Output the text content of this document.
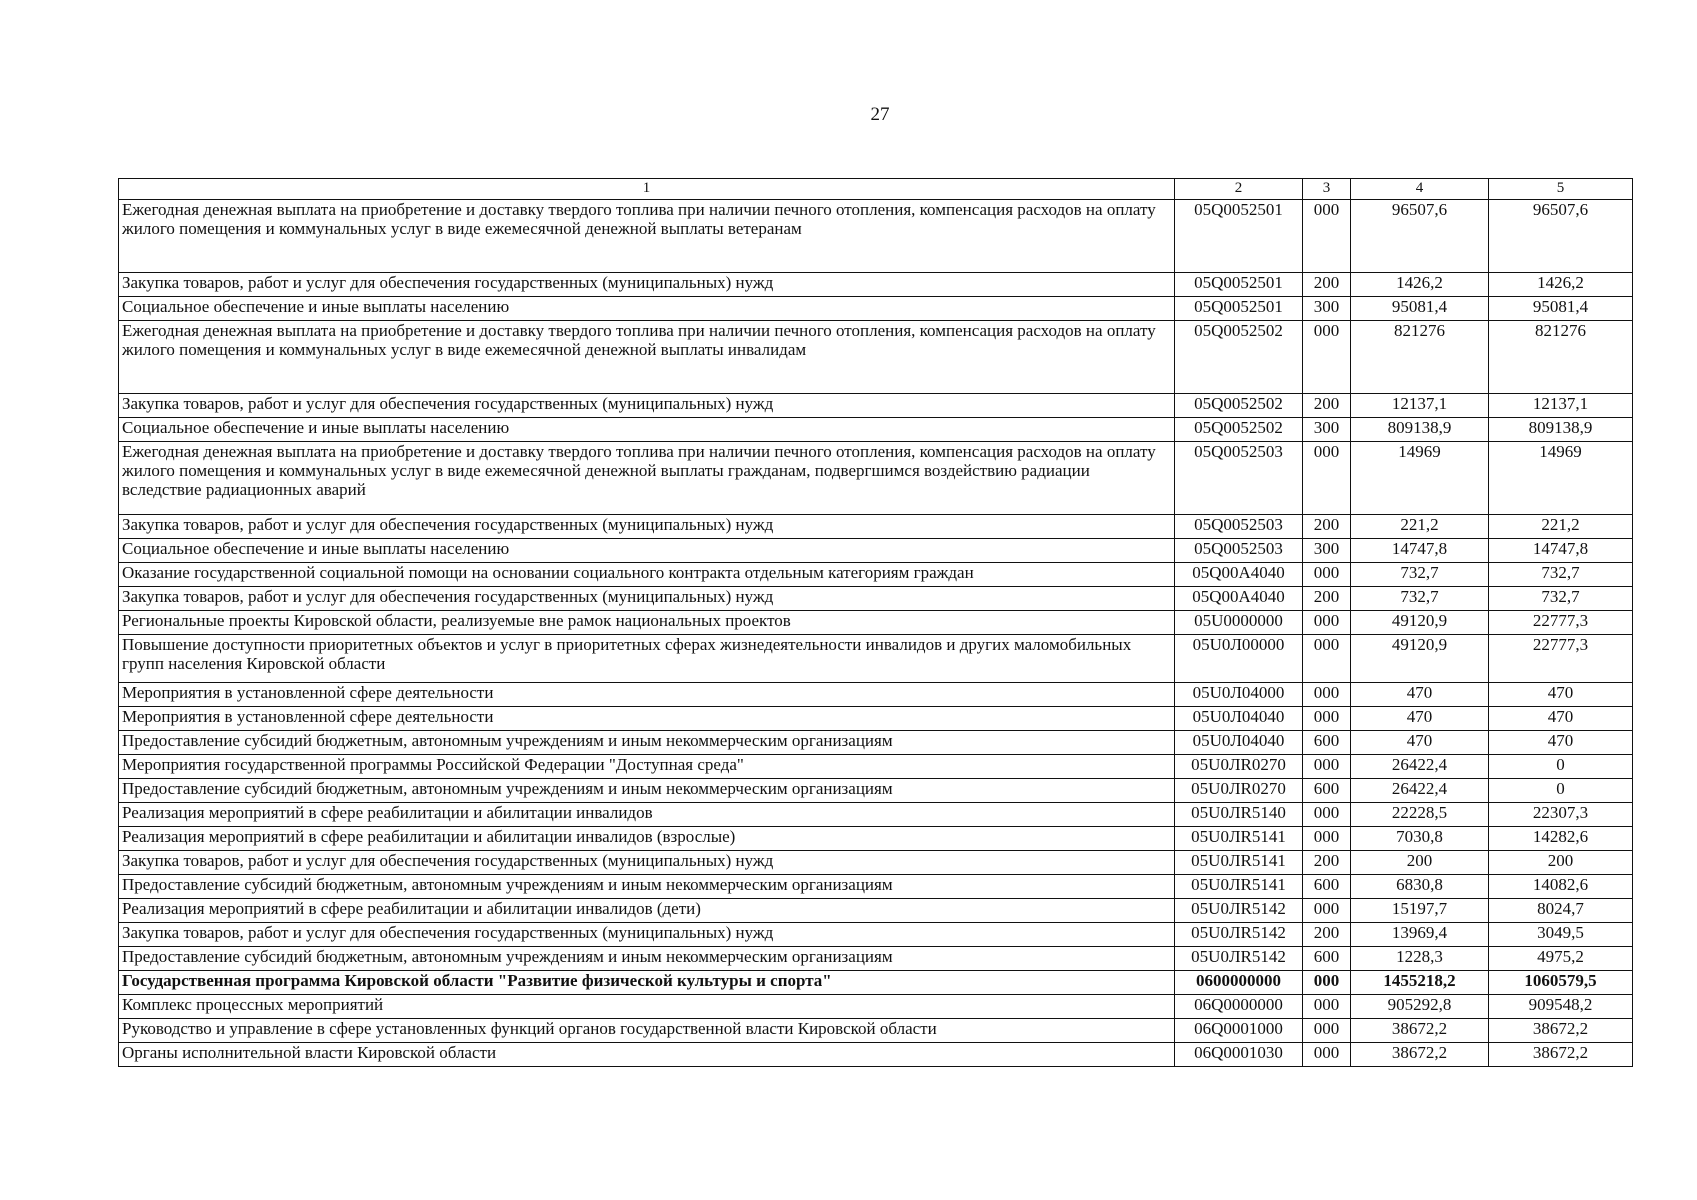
27
1	2	3	4	5
Ежегодная денежная выплата на приобретение и доставку твердого топлива при наличии печного отопления, компенсация расходов на оплату жилого помещения и коммунальных услуг в виде ежемесячной денежной выплаты ветеранам	05Q0052501	000	96507,6	96507,6
Закупка товаров, работ и услуг для обеспечения государственных (муниципальных) нужд	05Q0052501	200	1426,2	1426,2
Социальное обеспечение и иные выплаты населению	05Q0052501	300	95081,4	95081,4
Ежегодная денежная выплата на приобретение и доставку твердого топлива при наличии печного отопления, компенсация расходов на оплату жилого помещения и коммунальных услуг в виде ежемесячной денежной выплаты инвалидам	05Q0052502	000	821276	821276
Закупка товаров, работ и услуг для обеспечения государственных (муниципальных) нужд	05Q0052502	200	12137,1	12137,1
Социальное обеспечение и иные выплаты населению	05Q0052502	300	809138,9	809138,9
Ежегодная денежная выплата на приобретение и доставку твердого топлива при наличии печного отопления, компенсация расходов на оплату жилого помещения и коммунальных услуг в виде ежемесячной денежной выплаты гражданам, подвергшимся воздействию радиации вследствие радиационных аварий	05Q0052503	000	14969	14969
Закупка товаров, работ и услуг для обеспечения государственных (муниципальных) нужд	05Q0052503	200	221,2	221,2
Социальное обеспечение и иные выплаты населению	05Q0052503	300	14747,8	14747,8
Оказание государственной социальной помощи на основании социального контракта отдельным категориям граждан	05Q00A4040	000	732,7	732,7
Закупка товаров, работ и услуг для обеспечения государственных (муниципальных) нужд	05Q00A4040	200	732,7	732,7
Региональные проекты Кировской области, реализуемые вне рамок национальных проектов	05U0000000	000	49120,9	22777,3
Повышение доступности приоритетных объектов и услуг в приоритетных сферах жизнедеятельности инвалидов и других маломобильных групп населения Кировской области	05U0Л00000	000	49120,9	22777,3
Мероприятия в установленной сфере деятельности	05U0Л04000	000	470	470
Мероприятия в установленной сфере деятельности	05U0Л04040	000	470	470
Предоставление субсидий бюджетным, автономным учреждениям и иным некоммерческим организациям	05U0Л04040	600	470	470
Мероприятия государственной программы Российской Федерации "Доступная среда"	05U0ЛR0270	000	26422,4	0
Предоставление субсидий бюджетным, автономным учреждениям и иным некоммерческим организациям	05U0ЛR0270	600	26422,4	0
Реализация мероприятий в сфере реабилитации и абилитации инвалидов	05U0ЛR5140	000	22228,5	22307,3
Реализация мероприятий в сфере реабилитации и абилитации инвалидов (взрослые)	05U0ЛR5141	000	7030,8	14282,6
Закупка товаров, работ и услуг для обеспечения государственных (муниципальных) нужд	05U0ЛR5141	200	200	200
Предоставление субсидий бюджетным, автономным учреждениям и иным некоммерческим организациям	05U0ЛR5141	600	6830,8	14082,6
Реализация мероприятий в сфере реабилитации и абилитации инвалидов (дети)	05U0ЛR5142	000	15197,7	8024,7
Закупка товаров, работ и услуг для обеспечения государственных (муниципальных) нужд	05U0ЛR5142	200	13969,4	3049,5
Предоставление субсидий бюджетным, автономным учреждениям и иным некоммерческим организациям	05U0ЛR5142	600	1228,3	4975,2
Государственная программа Кировской области "Развитие физической культуры и спорта"	0600000000	000	1455218,2	1060579,5
Комплекс процессных мероприятий	06Q0000000	000	905292,8	909548,2
Руководство и управление в сфере установленных функций органов государственной власти Кировской области	06Q0001000	000	38672,2	38672,2
Органы исполнительной власти Кировской области	06Q0001030	000	38672,2	38672,2
